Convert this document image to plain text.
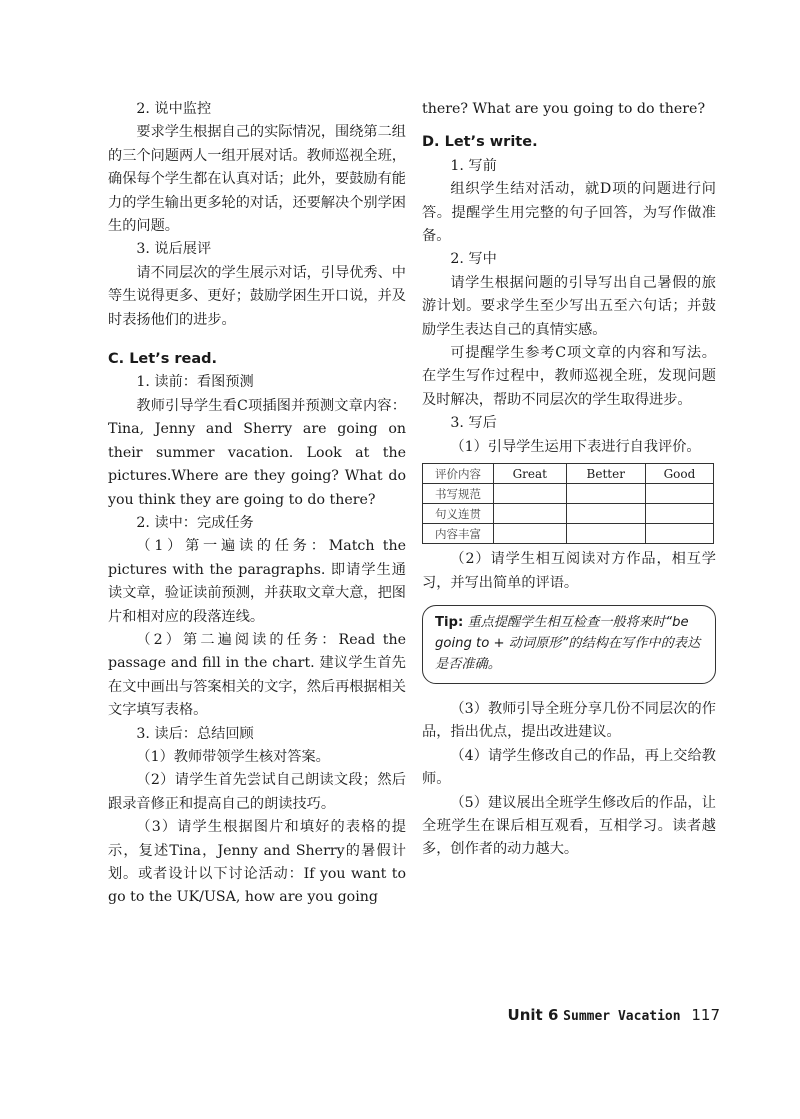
2. 说中监控

要求学生根据自己的实际情况，围绕第二组的三个问题两人一组开展对话。教师巡视全班，确保每个学生都在认真对话；此外，要鼓励有能力的学生输出更多轮的对话，还要解决个别学困生的问题。

3. 说后展评

请不同层次的学生展示对话，引导优秀、中等生说得更多、更好；鼓励学困生开口说，并及时表扬他们的进步。

C. Let’s read.

1. 读前：看图预测

教师引导学生看C项插图并预测文章内容：Tina, Jenny and Sherry are going on their summer vacation. Look at the pictures.Where are they going? What do you think they are going to do there?

2. 读中：完成任务

（1）第一遍读的任务：Match the pictures with the paragraphs. 即请学生通读文章，验证读前预测，并获取文章大意，把图片和相对应的段落连线。

（2）第二遍阅读的任务：Read the passage and fill in the chart. 建议学生首先在文中画出与答案相关的文字，然后再根据相关文字填写表格。

3. 读后：总结回顾

（1）教师带领学生核对答案。

（2）请学生首先尝试自己朗读文段；然后跟录音修正和提高自己的朗读技巧。

（3）请学生根据图片和填好的表格的提示，复述Tina，Jenny and Sherry的暑假计划。或者设计以下讨论活动：If you want to go to the UK/USA, how are you going

there? What are you going to do there?

D. Let’s write.

1. 写前

组织学生结对活动，就D项的问题进行问答。提醒学生用完整的句子回答，为写作做准备。

2. 写中

请学生根据问题的引导写出自己暑假的旅游计划。要求学生至少写出五至六句话；并鼓励学生表达自己的真情实感。

可提醒学生参考C项文章的内容和写法。在学生写作过程中，教师巡视全班，发现问题及时解决，帮助不同层次的学生取得进步。

3. 写后

（1）引导学生运用下表进行自我评价。

评价内容	Great	Better	Good
书写规范			
句义连贯			
内容丰富			

（2）请学生相互阅读对方作品，相互学习，并写出简单的评语。

Tip: 重点提醒学生相互检查一般将来时“be going to + 动词原形”的结构在写作中的表达是否准确。

（3）教师引导全班分享几份不同层次的作品，指出优点，提出改进建议。

（4）请学生修改自己的作品，再上交给教师。

（5）建议展出全班学生修改后的作品，让全班学生在课后相互观看，互相学习。读者越多，创作者的动力越大。

Unit 6 Summer Vacation 117
